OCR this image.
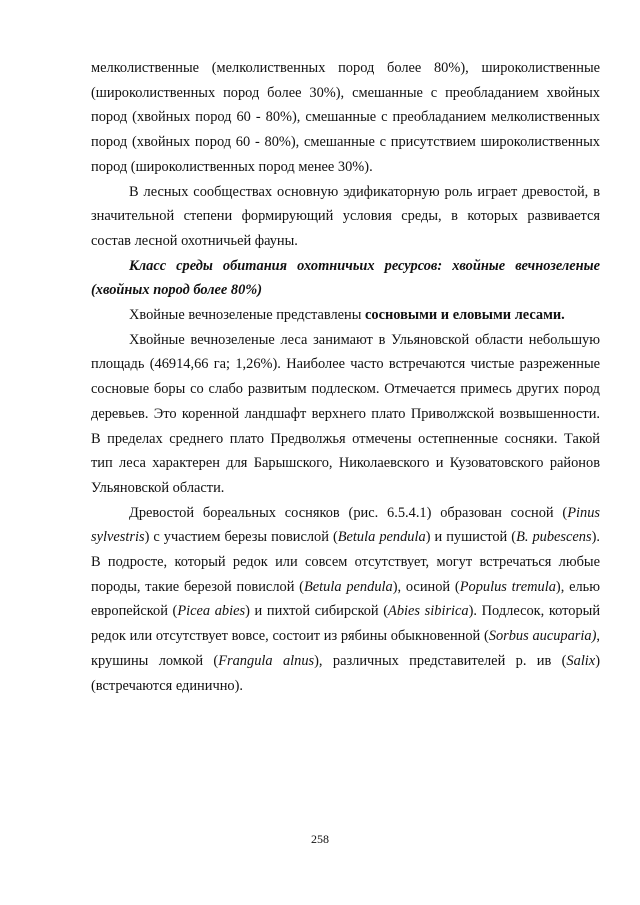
мелколиственные (мелколиственных пород более 80%), широколиственные (широколиственных пород более 30%), смешанные с преобладанием хвойных пород (хвойных пород 60 - 80%), смешанные с преобладанием мелколиственных пород (хвойных пород 60 - 80%), смешанные с присутствием широколиственных пород (широколиственных пород менее 30%).

В лесных сообществах основную эдификаторную роль играет древостой, в значительной степени формирующий условия среды, в которых развивается состав лесной охотничьей фауны.

Класс среды обитания охотничьих ресурсов: хвойные вечнозеленые (хвойных пород более 80%)

Хвойные вечнозеленые представлены сосновыми и еловыми лесами.

Хвойные вечнозеленые леса занимают в Ульяновской области небольшую площадь (46914,66 га; 1,26%). Наиболее часто встречаются чистые разреженные сосновые боры со слабо развитым подлеском. Отмечается примесь других пород деревьев. Это коренной ландшафт верхнего плато Приволжской возвышенности. В пределах среднего плато Предволжья отмечены остепненные сосняки. Такой тип леса характерен для Барышского, Николаевского и Кузоватовского районов Ульяновской области.

Древостой бореальных сосняков (рис. 6.5.4.1) образован сосной (Pinus sylvestris) с участием березы повислой (Betula pendula) и пушистой (B. pubescens). В подросте, который редок или совсем отсутствует, могут встречаться любые породы, такие березой повислой (Betula pendula), осиной (Populus tremula), елью европейской (Picea abies) и пихтой сибирской (Abies sibirica). Подлесок, который редок или отсутствует вовсе, состоит из рябины обыкновенной (Sorbus aucuparia), крушины ломкой (Frangula alnus), различных представителей р. ив (Salix) (встречаются единично).

258
